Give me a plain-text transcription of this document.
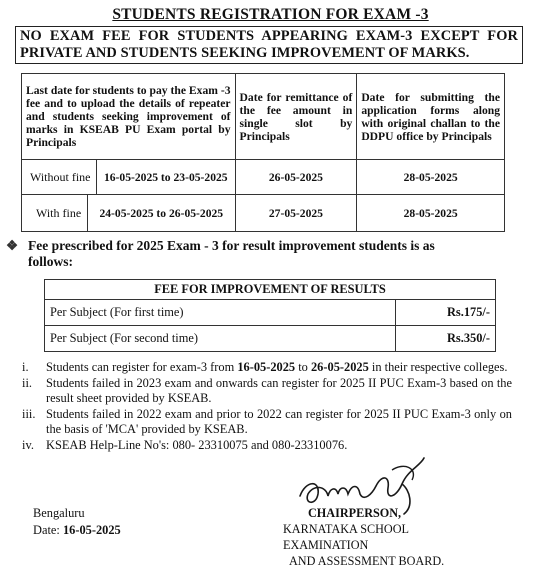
STUDENTS REGISTRATION FOR EXAM -3
NO EXAM FEE FOR STUDENTS APPEARING EXAM-3 EXCEPT FOR PRIVATE AND STUDENTS SEEKING IMPROVEMENT OF MARKS.
Last date for students to pay the Exam -3 fee and to upload the details of repeater and students seeking improvement of marks in KSEAB PU Exam portal by Principals	Date for remittance of the fee amount in single slot by Principals	Date for submitting the application forms along with original challan to the DDPU office by Principals

Without fine 16-05-2025 to 23-05-2025	26-05-2025	28-05-2025

With fine 24-05-2025 to 26-05-2025	27-05-2025	28-05-2025
❖ Fee prescribed for 2025 Exam - 3 for result improvement students is as
follows:
FEE FOR IMPROVEMENT OF RESULTS	
Per Subject (For first time)	Rs.175/-
Per Subject (For second time)	Rs.350/-
i.	Students can register for exam-3 from 16-05-2025 to 26-05-2025 in their respective colleges.
ii.	Students failed in 2023 exam and onwards can register for 2025 II PUC Exam-3 based on the result sheet provided by KSEAB.
iii. Students failed in 2022 exam and prior to 2022 can register for 2025 II PUC Exam-3 only on the basis of 'MCA' provided by KSEAB.
iv. KSEAB Help-Line No's: 080- 23310075 and 080-23310076.
Bengaluru
Date: 16-05-2025
CHAIRPERSON,
KARNATAKA SCHOOL EXAMINATION
AND ASSESSMENT BOARD.
